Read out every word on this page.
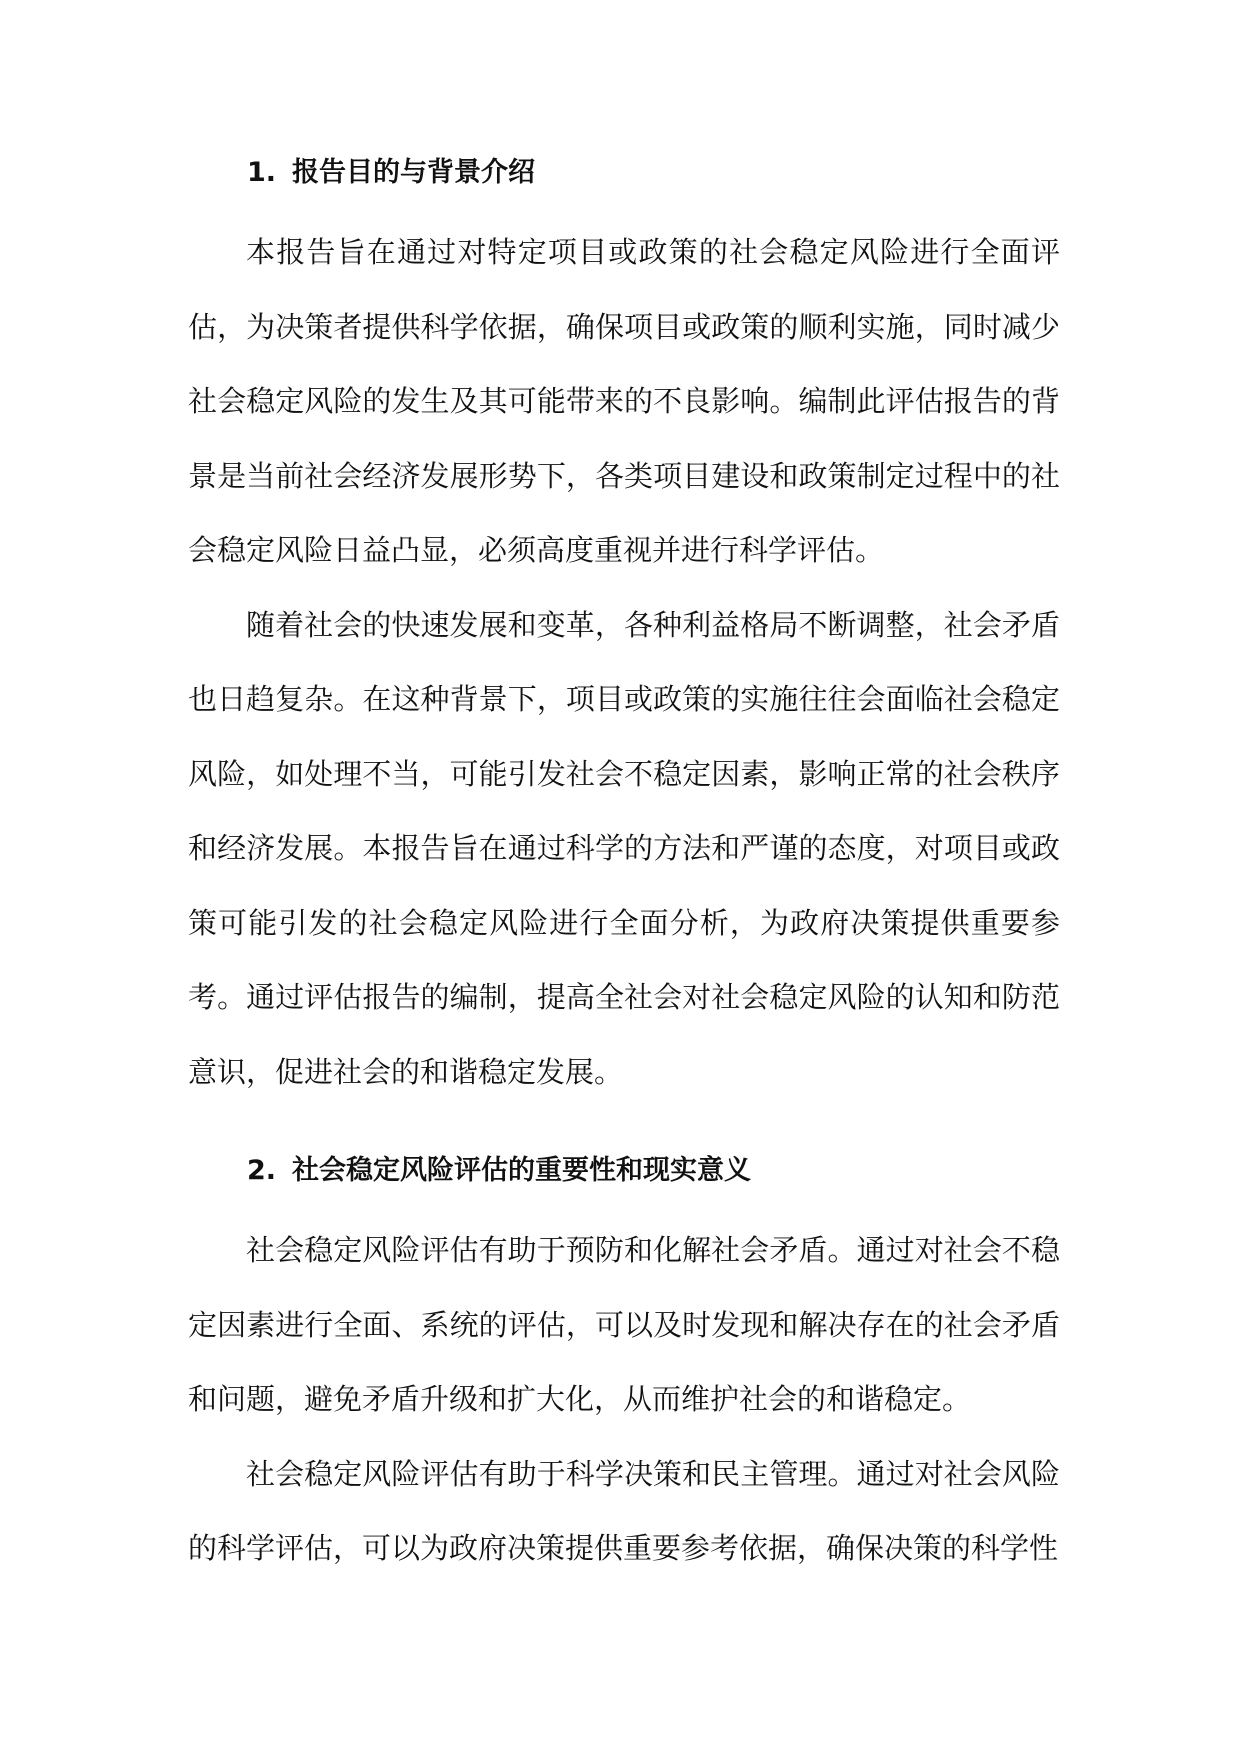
1. 报告目的与背景介绍

本报告旨在通过对特定项目或政策的社会稳定风险进行全面评估，为决策者提供科学依据，确保项目或政策的顺利实施，同时减少社会稳定风险的发生及其可能带来的不良影响。编制此评估报告的背景是当前社会经济发展形势下，各类项目建设和政策制定过程中的社会稳定风险日益凸显，必须高度重视并进行科学评估。

随着社会的快速发展和变革，各种利益格局不断调整，社会矛盾也日趋复杂。在这种背景下，项目或政策的实施往往会面临社会稳定风险，如处理不当，可能引发社会不稳定因素，影响正常的社会秩序和经济发展。本报告旨在通过科学的方法和严谨的态度，对项目或政策可能引发的社会稳定风险进行全面分析，为政府决策提供重要参考。通过评估报告的编制，提高全社会对社会稳定风险的认知和防范意识，促进社会的和谐稳定发展。

2. 社会稳定风险评估的重要性和现实意义

社会稳定风险评估有助于预防和化解社会矛盾。通过对社会不稳定因素进行全面、系统的评估，可以及时发现和解决存在的社会矛盾和问题，避免矛盾升级和扩大化，从而维护社会的和谐稳定。

社会稳定风险评估有助于科学决策和民主管理。通过对社会风险的科学评估，可以为政府决策提供重要参考依据，确保决策的科学性
